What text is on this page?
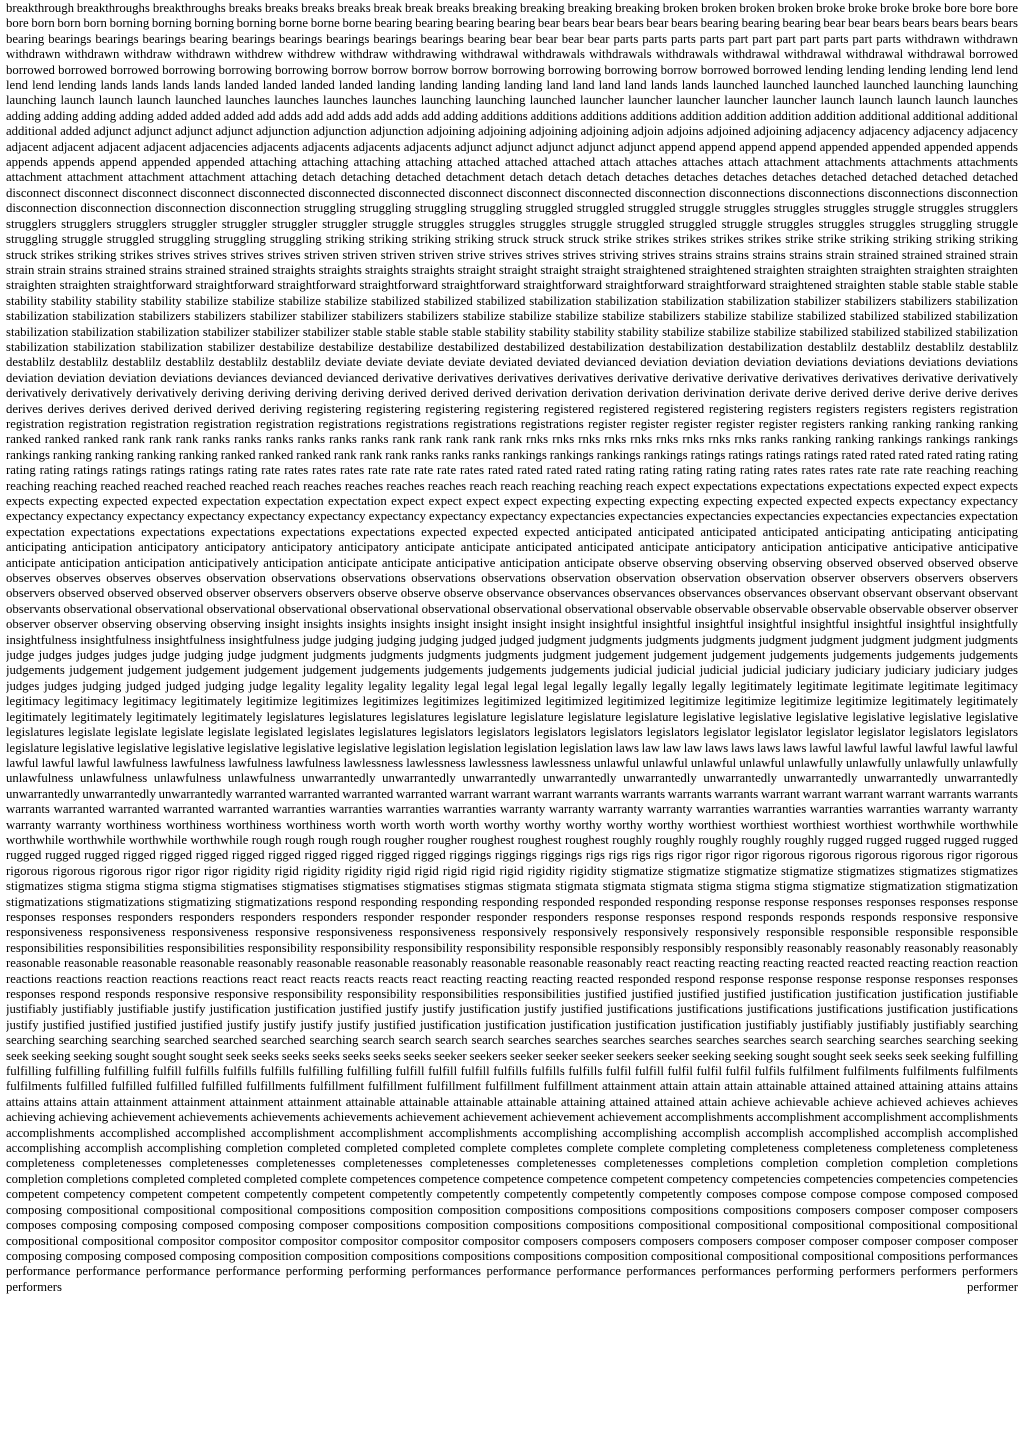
breakthrough breakthroughs breakthroughs breaks breaks breaks breaks break break breaks breaking breaking breaking breaking broken broken broken broken broke broke broke broke bore bore bore bore born born born borning borning borning borning borne borne borne bearing bearing bearing bearing bear bears bear bears bear bears bearing bearing bearing bear bear bears bears bears bears bears bearing bearings bearings bearings bearing bearings bearings bearings bearings bearings bearing bear bear bear bear parts parts parts parts part part part part parts part parts withdrawn withdrawn withdrawn withdrawn withdraw withdrawn withdrew withdrew withdraw withdrawing withdrawal withdrawals withdrawals withdrawals withdrawal withdrawal withdrawal withdrawal borrowed borrowed borrowed borrowed borrowing borrowing borrowing borrow borrow borrow borrow borrowing borrowing borrowing borrow borrowed borrowed lending lending lending lending lend lend lend lend lending lands lands lands lands landed landed landed landed landing landing landing landing land land land land lands lands launched launched launched launched launching launching launching launch launch launch launched launches launches launches launches launching launching launched launcher launcher launcher launcher launcher launch launch launch launch launches adding adding adding adding added added added add adds add add adds add adds add adding additions additions additions additions addition addition addition addition additional additional additional additional added adjunct adjunct adjunct adjunct adjunction adjunction adjunction adjoining adjoining adjoining adjoining adjoin adjoins adjoined adjoining adjacency adjacency adjacency adjacency adjacent adjacent adjacent adjacent adjacencies adjacents adjacents adjacents adjacents adjunct adjunct adjunct adjunct adjunct append append append append appended appended appended appends appends appends append appended appended attaching attaching attaching attaching attached attached attached attach attaches attaches attach attachment attachments attachments attachments attachment attachment attachment attachment attaching detach detaching detached detachment detach detach detach detaches detaches detaches detaches detached detached detached detached disconnect disconnect disconnect disconnect disconnected disconnected disconnected disconnect disconnect disconnected disconnection disconnections disconnections disconnections disconnection disconnection disconnection disconnection disconnection struggling struggling struggling struggling struggled struggled struggled struggle struggles struggles struggles struggle struggles strugglers strugglers strugglers strugglers struggler struggler struggler struggler struggle struggles struggles struggles struggle struggled struggled struggle struggles struggles struggles struggling struggle struggling struggle struggled struggling struggling struggling striking striking striking striking struck struck struck strike strikes strikes strikes strikes strike strike striking striking striking striking struck strikes striking strikes strives strives strives strives striven striven striven striven strive strives strives strives striving strives strains strains strains strains strain strained strained strained strain strain strain strains strained strains strained strained straights straights straights straights straight straight straight straight straightened straightened straighten straighten straighten straighten straighten straighten straighten straightforward straightforward straightforward straightforward straightforward straightforward straightforward straightforward straightened straighten stable stable stable stable stability stability stability stability stabilize stabilize stabilize stabilize stabilized stabilized stabilized stabilization stabilization stabilization stabilization stabilizer stabilizers stabilizers stabilization stabilization stabilization stabilizers stabilizers stabilizer stabilizer stabilizers stabilizers stabilize stabilize stabilize stabilize stabilizers stabilize stabilize stabilized stabilized stabilized stabilization stabilization stabilization stabilization stabilizer stabilizer stabilizer stable stable stable stable stability stability stability stability stabilize stabilize stabilize stabilized stabilized stabilized stabilization stabilization stabilization stabilization stabilizer destabilize destabilize destabilize destabilized destabilized destabilization destabilization destabilization destablilz destablilz destablilz destablilz destablilz destablilz destablilz destablilz destablilz destablilz deviate deviate deviate deviate deviated deviated devianced deviation deviation deviation deviations deviations deviations deviations deviation deviation deviation deviations deviances devianced devianced derivative derivatives derivatives derivatives derivative derivative derivative derivatives derivatives derivative derivatively derivatively derivatively derivatively deriving deriving deriving deriving derived derived derived derivation derivation derivation derivination derivate derive derived derive derive derive derives derives derives derives derived derived derived deriving registering registering registering registering registered registered registered registering registers registers registers registers registration registration registration registration registration registration registrations registrations registrations registrations register register register register register registers ranking ranking ranking ranking ranked ranked ranked rank rank rank ranks ranks ranks ranks ranks ranks rank rank rank rank rank rnks rnks rnks rnks rnks rnks rnks rnks rnks ranks ranking ranking rankings rankings rankings rankings ranking ranking ranking ranking ranked ranked ranked rank rank rank ranks ranks ranks rankings rankings rankings rankings ratings ratings ratings ratings rated rated rated rated rating rating rating rating ratings ratings ratings ratings rating rate rates rates rates rate rate rate rate rates rated rated rated rated rating rating rating rating rating rates rates rates rate rate rate reaching reaching reaching reaching reached reached reached reached reach reaches reaches reaches reaches reach reach reaching reaching reach expect expectations expectations expectations expected expect expects expects expecting expected expected expectation expectation expectation expect expect expect expect expecting expecting expecting expecting expected expected expects expectancy expectancy expectancy expectancy expectancy expectancy expectancy expectancy expectancy expectancy expectancy expectancies expectancies expectancies expectancies expectancies expectancies expectation expectation expectations expectations expectations expectations expectations expected expected expected anticipated anticipated anticipated anticipated anticipating anticipating anticipating anticipating anticipation anticipatory anticipatory anticipatory anticipatory anticipate anticipate anticipated anticipated anticipate anticipatory anticipation anticipative anticipative anticipative anticipate anticipation anticipation anticipatively anticipation anticipate anticipate anticipative anticipation anticipate observe observing observing observing observed observed observed observe observes observes observes observes observation observations observations observations observations observation observation observation observation observer observers observers observers observers observed observed observed observer observers observers observe observe observe observance observances observances observances observances observant observant observant observant observants observational observational observational observational observational observational observational observational observable observable observable observable observable observer observer observer observer observing observing observing insight insights insights insights insight insight insight insight insightful insightful insightful insightful insightful insightful insightful insightfully insightfulness insightfulness insightfulness insightfulness judge judging judging judging judged judged judgment judgments judgments judgments judgment judgment judgment judgment judgments judge judges judges judges judge judging judge judgment judgments judgments judgments judgments judgment judgement judgement judgement judgements judgements judgements judgements judgements judgement judgement judgement judgement judgement judgements judgements judgements judgements judicial judicial judicial judicial judiciary judiciary judiciary judiciary judges judges judges judging judged judged judging judge legality legality legality legality legal legal legal legal legally legally legally legally legitimately legitimate legitimate legitimate legitimacy legitimacy legitimacy legitimacy legitimately legitimize legitimizes legitimizes legitimizes legitimized legitimized legitimized legitimize legitimize legitimize legitimize legitimately legitimately legitimately legitimately legitimately legitimately legislatures legislatures legislatures legislature legislature legislature legislature legislative legislative legislative legislative legislative legislative legislatures legislate legislate legislate legislate legislated legislates legislatures legislators legislators legislators legislators legislators legislator legislator legislator legislator legislators legislators legislature legislative legislative legislative legislative legislative legislative legislation legislation legislation legislation laws law law law laws laws laws laws lawful lawful lawful lawful lawful lawful lawful lawful lawful lawfulness lawfulness lawfulness lawfulness lawlessness lawlessness lawlessness lawlessness unlawful unlawful unlawful unlawful unlawfully unlawfully unlawfully unlawfully unlawfulness unlawfulness unlawfulness unlawfulness unwarrantedly unwarrantedly unwarrantedly unwarrantedly unwarrantedly unwarrantedly unwarrantedly unwarrantedly unwarrantedly unwarrantedly unwarrantedly unwarrantedly warranted warranted warranted warranted warrant warrant warrant warrants warrants warrants warrants warrant warrant warrant warrant warrants warrants warrants warranted warranted warranted warranted warranties warranties warranties warranties warranty warranty warranty warranty warranties warranties warranties warranties warranty warranty warranty warranty worthiness worthiness worthiness worthiness worth worth worth worth worthy worthy worthy worthy worthy worthiest worthiest worthiest worthiest worthwhile worthwhile worthwhile worthwhile worthwhile worthwhile rough rough rough rough rougher rougher roughest roughest roughest roughly roughly roughly roughly roughly rugged rugged rugged rugged rugged rugged rugged rugged rigged rigged rigged rigged rigged rigged rigged rigged rigged riggings riggings riggings rigs rigs rigs rigs rigor rigor rigor rigorous rigorous rigorous rigorous rigor rigorous rigorous rigorous rigorous rigor rigor rigor rigidity rigid rigidity rigidity rigid rigid rigid rigid rigid rigidity rigidity stigmatize stigmatize stigmatize stigmatize stigmatizes stigmatizes stigmatizes stigmatizes stigma stigma stigma stigma stigmatises stigmatises stigmatises stigmatises stigmas stigmata stigmata stigmata stigmata stigma stigma stigma stigmatize stigmatization stigmatization stigmatizations stigmatizations stigmatizing stigmatizations respond responding responding responding responded responded responding response response responses responses responses response responses responses responders responders responders responders responder responder responder responders response responses respond responds responds responds responsive responsive responsiveness responsiveness responsiveness responsive responsiveness responsiveness responsively responsively responsively responsively responsible responsible responsible responsible responsibilities responsibilities responsibilities responsibility responsibility responsibility responsibility responsible responsibly responsibly responsibly reasonably reasonably reasonably reasonably reasonable reasonable reasonable reasonable reasonably reasonable reasonable reasonably reasonable reasonable reasonably react reacting reacting reacting reacted reacted reacting reaction reaction reactions reactions reaction reactions reactions react react reacts reacts reacts react reacting reacting reacting reacted responded respond response response response response responses responses responses respond responds responsive responsive responsibility responsibility responsibilities responsibilities justified justified justified justified justification justification justification justifiable justifiably justifiably justifiable justify justification justification justified justify justify justification justify justified justifications justifications justifications justifications justification justifications justify justified justified justified justified justify justify justify justify justified justification justification justification justification justification justifiably justifiably justifiably justifiably searching searching searching searching searched searched searched searching search search search search searches searches searches searches searches searches search searching searches searching seeking seek seeking seeking sought sought sought seek seeks seeks seeks seeks seeks seeks seeker seekers seeker seeker seeker seekers seeker seeking seeking sought sought seek seeks seek seeking fulfilling fulfilling fulfilling fulfilling fulfill fulfills fulfills fulfills fulfilling fulfilling fulfill fulfill fulfill fulfills fulfills fulfills fulfil fulfill fulfil fulfil fulfil fulfils fulfilment fulfilments fulfilments fulfilments fulfilments fulfilled fulfilled fulfilled fulfilled fulfillments fulfillment fulfillment fulfillment fulfillment fulfillment attainment attain attain attain attainable attained attained attaining attains attains attains attains attain attainment attainment attainment attainment attainable attainable attainable attainable attaining attained attained attain achieve achievable achieve achieved achieves achieves achieving achieving achievement achievements achievements achievements achievement achievement achievement achievement accomplishments accomplishment accomplishment accomplishments accomplishments accomplished accomplished accomplishment accomplishment accomplishments accomplishing accomplishing accomplish accomplish accomplished accomplish accomplished accomplishing accomplish accomplishing completion completed completed completed complete completes complete complete completing completeness completeness completeness completeness completeness completenesses completenesses completenesses completenesses completenesses completenesses completenesses completions completion completion completion completions completion completions completed completed completed complete competences competence competence competence competent competency competencies competencies competencies competencies competent competency competent competent competently competent competently competently competently competently competently composes compose compose compose composed composed composing compositional compositional compositional compositions composition composition compositions compositions compositions compositions composers composer composer composers composes composing composing composed composing composer compositions composition compositions compositions compositional compositional compositional compositional compositional compositional compositional compositor compositor compositor compositor compositor compositor composers composers composers composers composer composer composer composer composer composing composing composed composing composition composition compositions compositions compositions composition compositional compositional compositional compositions performances performance performance performance performance performing performing performances performance performance performances performances performing performers performers performers performers performer
